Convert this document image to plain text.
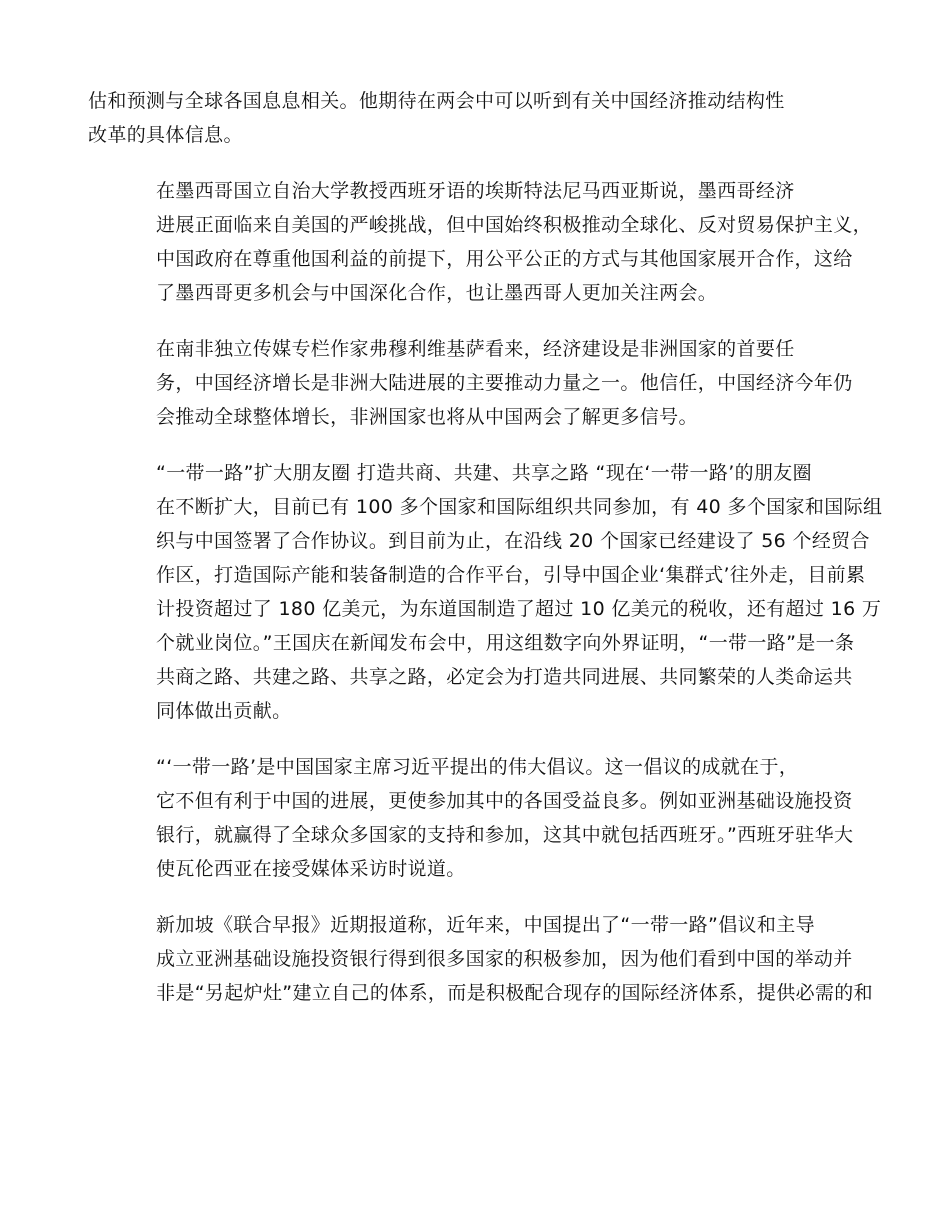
估和预测与全球各国息息相关。他期待在两会中可以听到有关中国经济推动结构性
改革的具体信息。

在墨西哥国立自治大学教授西班牙语的埃斯特法尼马西亚斯说，墨西哥经济
进展正面临来自美国的严峻挑战，但中国始终积极推动全球化、反对贸易保护主义，
中国政府在尊重他国利益的前提下，用公平公正的方式与其他国家展开合作，这给
了墨西哥更多机会与中国深化合作，也让墨西哥人更加关注两会。

在南非独立传媒专栏作家弗穆利维基萨看来，经济建设是非洲国家的首要任
务，中国经济增长是非洲大陆进展的主要推动力量之一。他信任，中国经济今年仍
会推动全球整体增长，非洲国家也将从中国两会了解更多信号。

“一带一路”扩大朋友圈 打造共商、共建、共享之路 “现在‘一带一路’的朋友圈
在不断扩大，目前已有 100 多个国家和国际组织共同参加，有 40 多个国家和国际组
织与中国签署了合作协议。到目前为止，在沿线 20 个国家已经建设了 56 个经贸合
作区，打造国际产能和装备制造的合作平台，引导中国企业‘集群式’往外走，目前累
计投资超过了 180 亿美元，为东道国制造了超过 10 亿美元的税收，还有超过 16 万
个就业岗位。”王国庆在新闻发布会中，用这组数字向外界证明，“一带一路”是一条
共商之路、共建之路、共享之路，必定会为打造共同进展、共同繁荣的人类命运共
同体做出贡献。

“‘一带一路’是中国国家主席习近平提出的伟大倡议。这一倡议的成就在于，
它不但有利于中国的进展，更使参加其中的各国受益良多。例如亚洲基础设施投资
银行，就赢得了全球众多国家的支持和参加，这其中就包括西班牙。”西班牙驻华大
使瓦伦西亚在接受媒体采访时说道。

新加坡《联合早报》近期报道称，近年来，中国提出了“一带一路”倡议和主导
成立亚洲基础设施投资银行得到很多国家的积极参加，因为他们看到中国的举动并
非是“另起炉灶”建立自己的体系，而是积极配合现存的国际经济体系，提供必需的和
